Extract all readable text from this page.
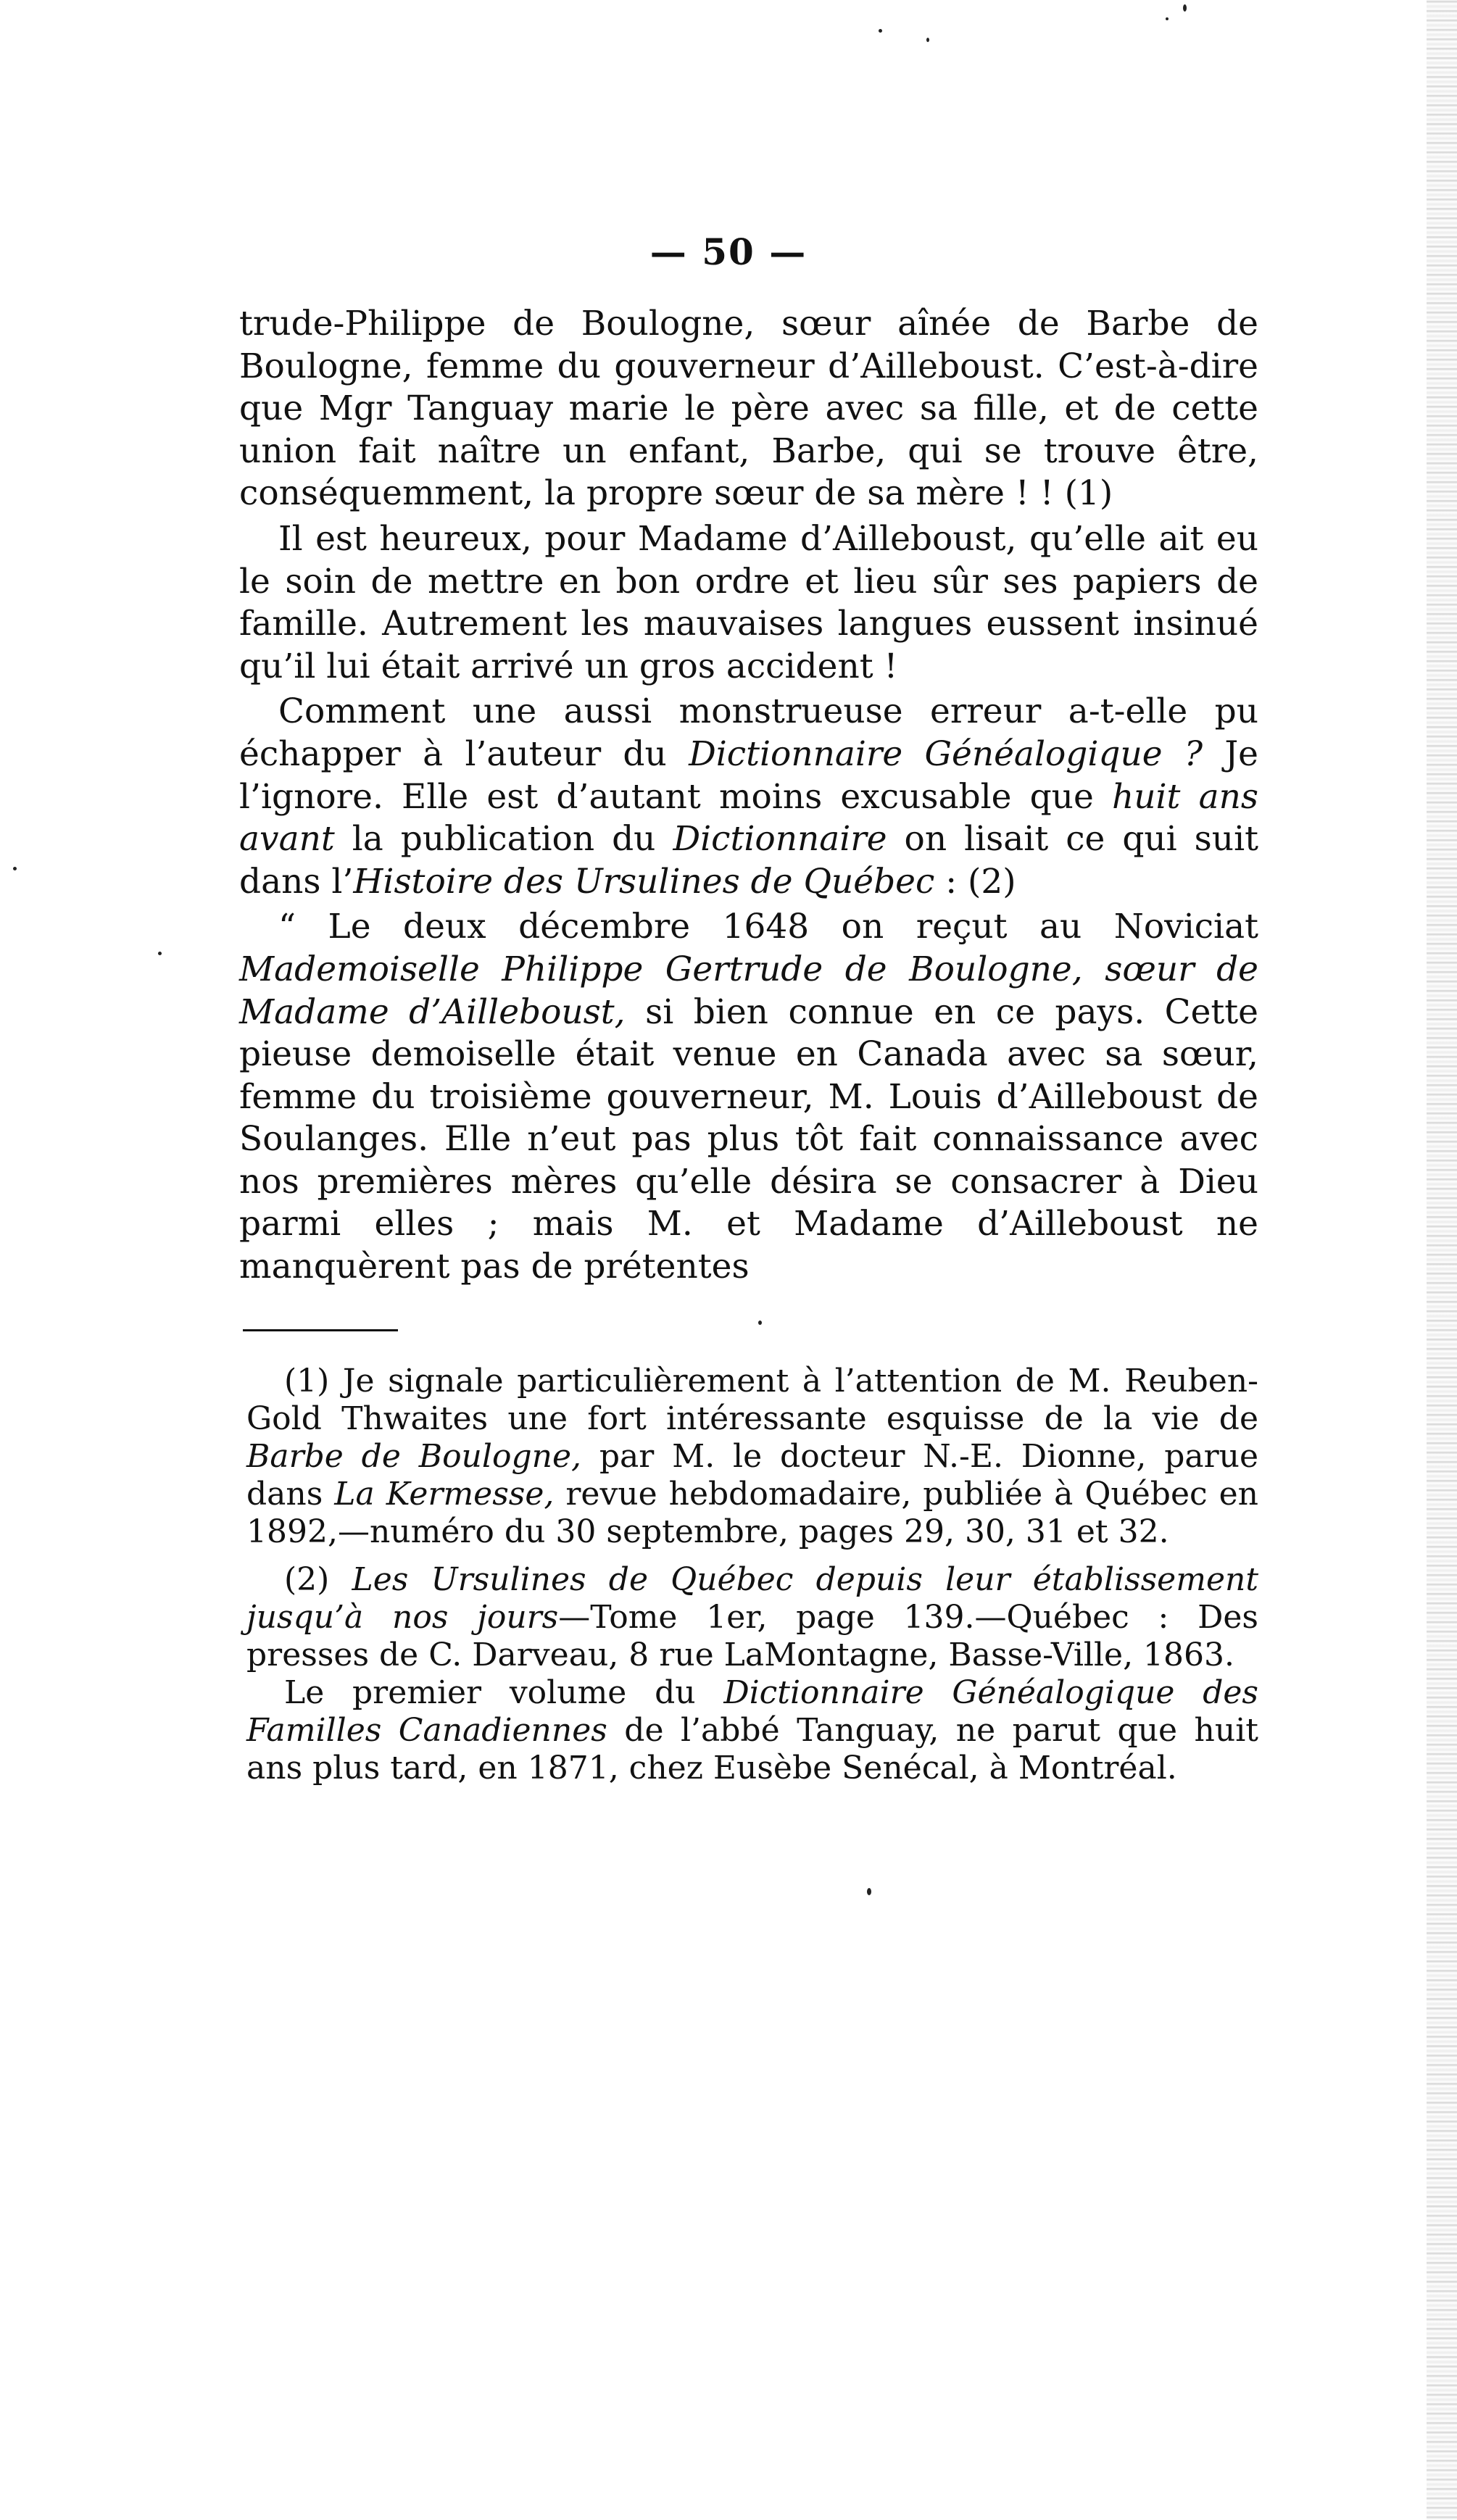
— 50 —

trude-Philippe de Boulogne, sœur aînée de Barbe de Boulogne, femme du gouverneur d’Ailleboust. C’est-à-dire que Mgr Tanguay marie le père avec sa fille, et de cette union fait naître un enfant, Barbe, qui se trouve être, conséquemment, la propre sœur de sa mère ! ! (1)

Il est heureux, pour Madame d’Ailleboust, qu’elle ait eu le soin de mettre en bon ordre et lieu sûr ses papiers de famille. Autrement les mauvaises langues eussent insinué qu’il lui était arrivé un gros accident !

Comment une aussi monstrueuse erreur a-t-elle pu échapper à l’auteur du Dictionnaire Généalogique ? Je l’ignore. Elle est d’autant moins excusable que huit ans avant la publication du Dictionnaire on lisait ce qui suit dans l’Histoire des Ursulines de Québec : (2)

“ Le deux décembre 1648 on reçut au Noviciat Mademoiselle Philippe Gertrude de Boulogne, sœur de Madame d’Ailleboust, si bien connue en ce pays. Cette pieuse demoiselle était venue en Canada avec sa sœur, femme du troisième gouverneur, M. Louis d’Ailleboust de Soulanges. Elle n’eut pas plus tôt fait connaissance avec nos premières mères qu’elle désira se consacrer à Dieu parmi elles ; mais M. et Madame d’Ailleboust ne manquèrent pas de prétentes

(1) Je signale particulièrement à l’attention de M. Reuben-Gold Thwaites une fort intéressante esquisse de la vie de Barbe de Boulogne, par M. le docteur N.-E. Dionne, parue dans La Kermesse, revue hebdomadaire, publiée à Québec en 1892,—numéro du 30 septembre, pages 29, 30, 31 et 32.

(2) Les Ursulines de Québec depuis leur établissement jusqu’à nos jours—Tome 1er, page 139.—Québec : Des presses de C. Darveau, 8 rue LaMontagne, Basse-Ville, 1863.

Le premier volume du Dictionnaire Généalogique des Familles Canadiennes de l’abbé Tanguay, ne parut que huit ans plus tard, en 1871, chez Eusèbe Senécal, à Montréal.
